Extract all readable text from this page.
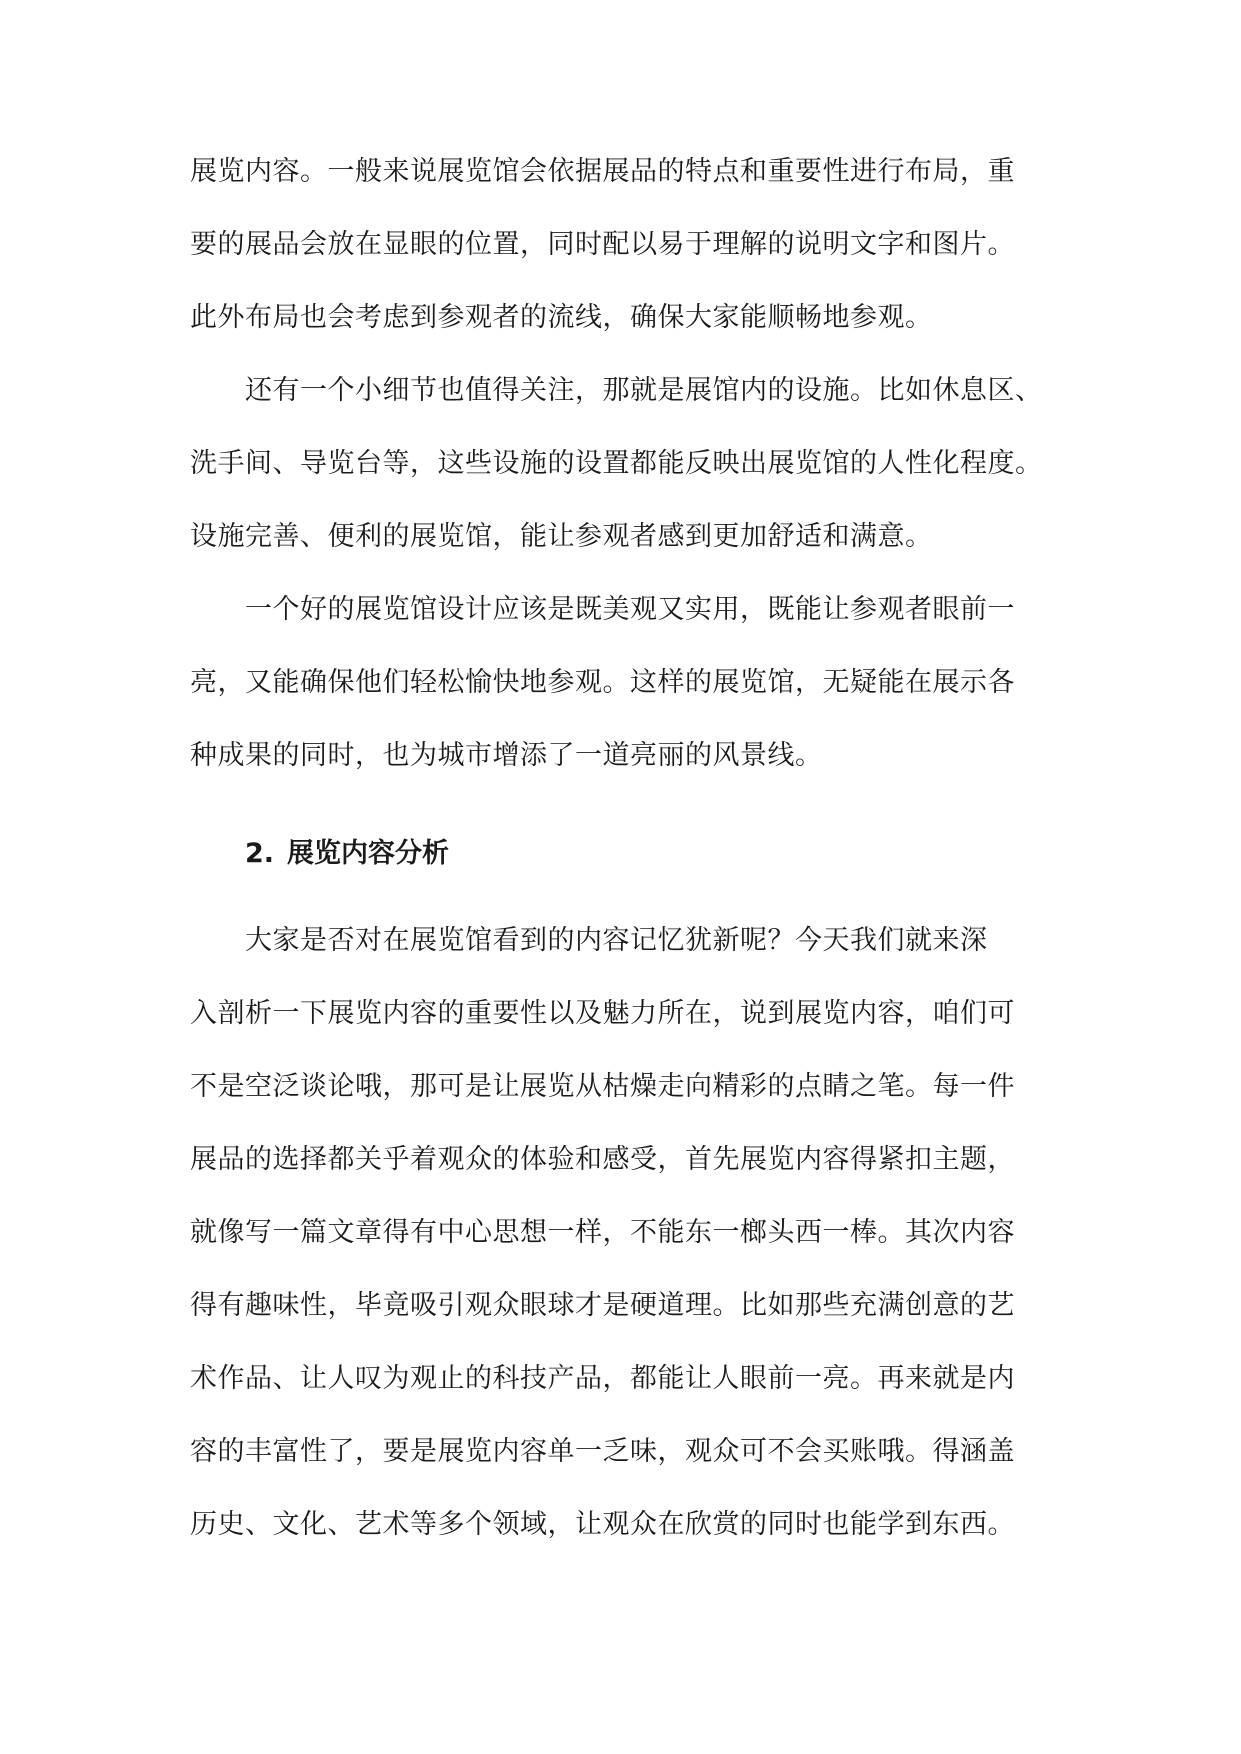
展览内容。一般来说展览馆会依据展品的特点和重要性进行布局，重
要的展品会放在显眼的位置，同时配以易于理解的说明文字和图片。
此外布局也会考虑到参观者的流线，确保大家能顺畅地参观。
　　还有一个小细节也值得关注，那就是展馆内的设施。比如休息区、
洗手间、导览台等，这些设施的设置都能反映出展览馆的人性化程度。
设施完善、便利的展览馆，能让参观者感到更加舒适和满意。
　　一个好的展览馆设计应该是既美观又实用，既能让参观者眼前一
亮，又能确保他们轻松愉快地参观。这样的展览馆，无疑能在展示各
种成果的同时，也为城市增添了一道亮丽的风景线。
2. 展览内容分析
　　大家是否对在展览馆看到的内容记忆犹新呢？今天我们就来深
入剖析一下展览内容的重要性以及魅力所在，说到展览内容，咱们可
不是空泛谈论哦，那可是让展览从枯燥走向精彩的点睛之笔。每一件
展品的选择都关乎着观众的体验和感受，首先展览内容得紧扣主题，
就像写一篇文章得有中心思想一样，不能东一榔头西一棒。其次内容
得有趣味性，毕竟吸引观众眼球才是硬道理。比如那些充满创意的艺
术作品、让人叹为观止的科技产品，都能让人眼前一亮。再来就是内
容的丰富性了，要是展览内容单一乏味，观众可不会买账哦。得涵盖
历史、文化、艺术等多个领域，让观众在欣赏的同时也能学到东西。
